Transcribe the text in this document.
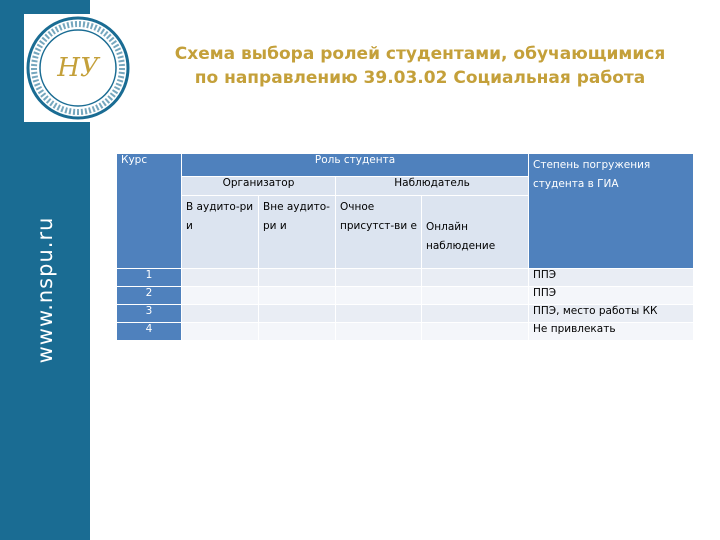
www.nspu.ru
НУ	Схема выбора ролей студентами, обучающимися
по направлению 39.03.02 Социальная работа
Курс	Роль студента				Степень погружения студента в ГИА
	Организатор		Наблюдатель		
	В аудито-ри и	Вне аудито-ри и	Очное присутст-ви е	Онлайн наблюдение	
1					ППЭ
2					ППЭ
3					ППЭ, место работы КК
4					Не привлекать
